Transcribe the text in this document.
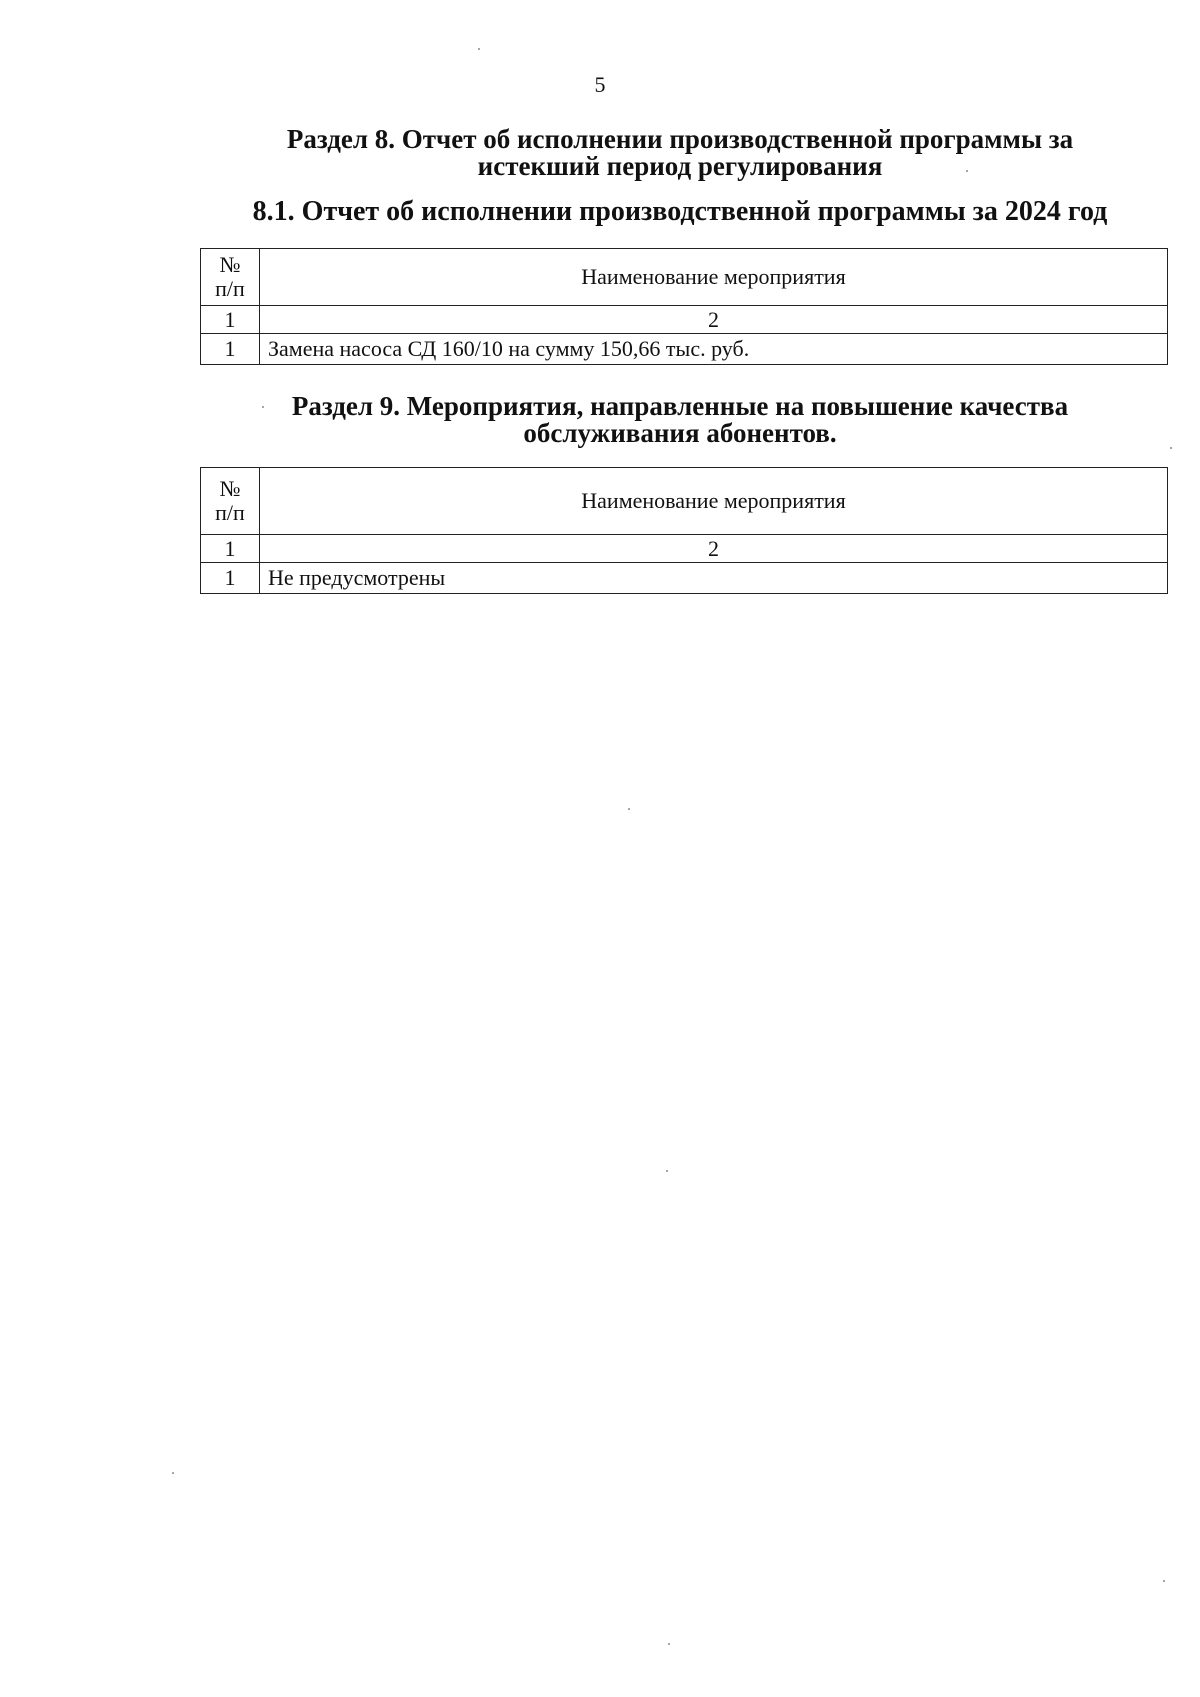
5
Раздел 8. Отчет об исполнении производственной программы за
истекший период регулирования
8.1. Отчет об исполнении производственной программы за 2024 год
№
п/п	Наименование мероприятия
1	2
1	Замена насоса СД 160/10 на сумму 150,66 тыс. руб.
Раздел 9. Мероприятия, направленные на повышение качества
обслуживания абонентов.
№
п/п	Наименование мероприятия
1	2
1	Не предусмотрены
